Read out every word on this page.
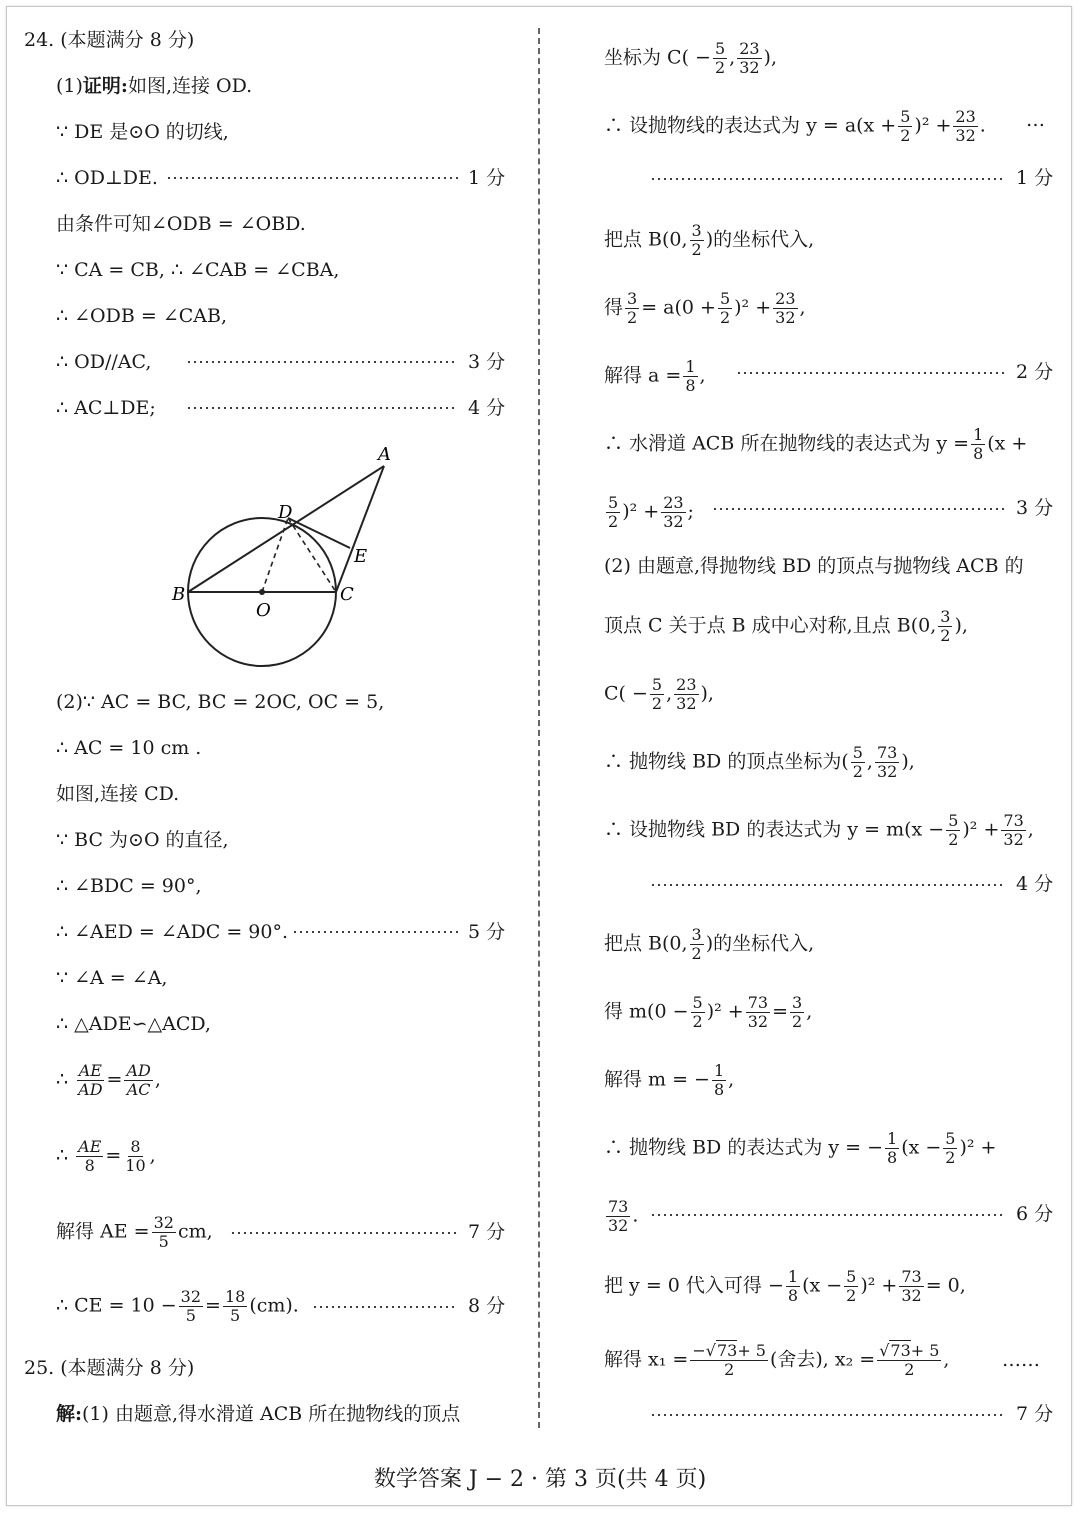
24. (本题满分 8 分)
(1)证明:如图,连接 OD.
∵ DE 是⊙O 的切线,
∴ OD⊥DE.	1 分
由条件可知∠ODB = ∠OBD.
∵ CA = CB, ∴ ∠CAB = ∠CBA,
∴ ∠ODB = ∠CAB,
∴ OD//AC,	3 分
∴ AC⊥DE;	4 分
A
B	C
D
E
O
(2)∵ AC = BC, BC = 2OC, OC = 5,
∴ AC = 10 cm .
如图,连接 CD.
∵ BC 为⊙O 的直径,
∴ ∠BDC = 90°,
∴ ∠AED = ∠ADC = 90°.	5 分
∵ ∠A = ∠A,
∴ △ADE∽△ACD,
∴ $\frac{AE}{AD} = \frac{AD}{AC}$ ,
∴ $\frac{AE}{8} = \frac{8}{10}$ ,
解得 AE = $\frac{32}{5}$ cm,	7 分
∴ CE = $10 - \frac{32}{5} = \frac{18}{5} (cm)$.	8 分
25. (本题满分 8 分)
解:(1) 由题意,得水滑道 ACB 所在抛物线的顶点
坐标为 $C( - \frac{5}{2}$ , $\frac{23}{32}$ ),
∴ 设抛物线的表达式为 $y = a(x + \frac{5}{2} )^2 + \frac{23}{32}$ . …
1 分
把点 B(0, $\frac{3}{2}$ )的坐标代入,
得 $\frac{3}{2} = a(0 + \frac{5}{2} )^2 + \frac{23}{32}$ ,
解得 $a = \frac{1}{8}$ ,	2 分
∴ 水滑道 ACB 所在抛物线的表达式为 $y = \frac{1}{8} (x$ +
$\frac{5}{2} )^2 + \frac{23}{32}$ ;	3 分
(2) 由题意,得抛物线 BD 的顶点与抛物线 ACB 的
顶点 C 关于点 B 成中心对称,且点 B(0, $\frac{3}{2}$ ),
$C( - \frac{5}{2}$ , $\frac{23}{32}$ ),
∴ 抛物线 BD 的顶点坐标为( $\frac{5}{2}$ , $\frac{73}{32}$ ),
∴ 设抛物线 BD 的表达式为 $y = m(x - \frac{5}{2} )^2 + \frac{73}{32}$ ,
4 分
把点 B(0, $\frac{3}{2}$ )的坐标代入,
得 $m(0 - \frac{5}{2} )^2 + \frac{73}{32} = \frac{3}{2}$ ,
解得 m = − $\frac{1}{8}$ ,
∴ 抛物线 BD 的表达式为 y = − $\frac{1}{8} (x - \frac{5}{2} )^2$ +
$\frac{73}{32}$ .	6 分
把 y = 0 代入可得 − $\frac{1}{8} (x - \frac{5}{2} )^2 + \frac{73}{32} = 0$,
解得 $x_1 = \frac{-√73+ 5}{2}$ (舍去), $x_2 = \frac{√73+ 5}{2}$ ,	……
7 分
数学答案 J − 2 · 第 3 页(共 4 页)
